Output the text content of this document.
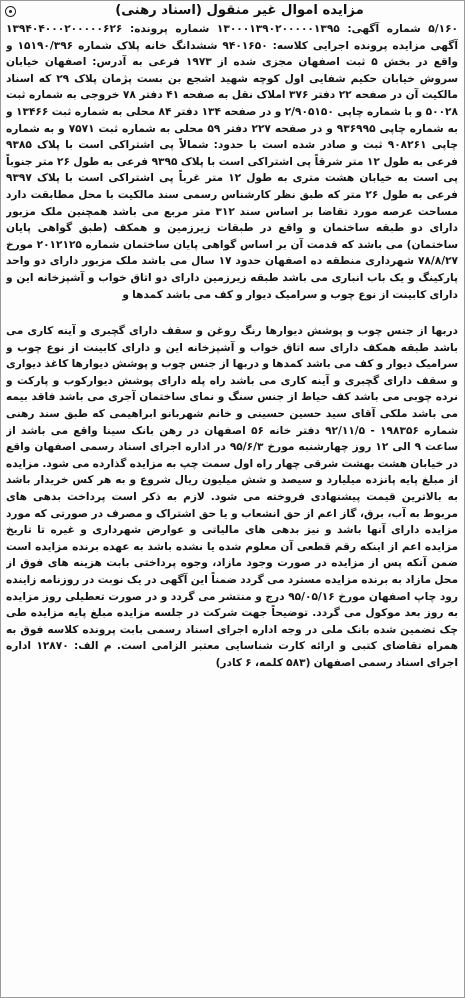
مزایده اموال غیر منقول (اسناد رهنی)

۵/۱۶۰ شماره آگهی: ۱۳۰۰۰۱۳۹۰۲۰۰۰۰۰۱۳۹۵ شماره پرونده: ۱۳۹۴۰۴۰۰۰۲۰۰۰۰۰۶۲۶ آگهی مزایده پرونده اجرایی کلاسه: ۹۴۰۱۶۵۰ ششدانگ خانه پلاک شماره ۱۵۱۹۰/۳۹۶ و واقع در بخش ۵ ثبت اصفهان مجزی شده از ۱۹۷۳ فرعی به آدرس: اصفهان خیابان سروش خیابان حکیم شفایی اول کوچه شهید اشجع بن بست پژمان پلاک ۲۹ که اسناد مالکیت آن در صفحه ۲۲ دفتر ۳۷۶ املاک نقل به صفحه ۴۱ دفتر ۷۸ خروجی به شماره ثبت ۵۰۰۲۸ و با شماره چاپی ۲/۹۰۵۱۵۰ و در صفحه ۱۳۴ دفتر ۸۴ محلی به شماره ثبت ۱۳۴۶۶ و به شماره چاپی ۹۳۶۹۹۵ و در صفحه ۲۲۷ دفتر ۵۹ محلی به شماره ثبت ۷۵۷۱ و به شماره چاپی ۹۰۸۲۶۱ ثبت و صادر شده است با حدود: شمالاً پی اشتراکی است با پلاک ۹۳۸۵ فرعی به طول ۱۲ متر شرقاً پی اشتراکی است با پلاک ۹۳۹۵ فرعی به طول ۲۶ متر جنوباً پی است به خیابان هشت متری به طول ۱۲ متر غرباً پی اشتراکی است با پلاک ۹۳۹۷ فرعی به طول ۲۶ متر که طبق نظر کارشناس رسمی سند مالکیت با محل مطابقت دارد مساحت عرصه مورد تقاضا بر اساس سند ۳۱۲ متر مربع می باشد همچنین ملک مزبور دارای دو طبقه ساختمان و واقع در طبقات زیرزمین و همکف (طبق گواهی پایان ساختمان) می باشد که قدمت آن بر اساس گواهی پایان ساختمان شماره ۲۰۱۲۱۲۵ مورخ ۷۸/۸/۲۷ شهرداری منطقه ده اصفهان حدود ۱۷ سال می باشد ملک مزبور دارای دو واحد پارکینگ و یک باب انباری می باشد طبقه زیرزمین دارای دو اتاق خواب و آشپزخانه این و دارای کابینت از نوع چوب و سرامیک دیوار و کف می باشد کمدها و

دربها از جنس چوب و پوشش دیوارها رنگ روغن و سقف دارای گچبری و آینه کاری می باشد طبقه همکف دارای سه اتاق خواب و آشپزخانه این و دارای کابینت از نوع چوب و سرامیک دیوار و کف می باشد کمدها و دربها از جنس چوب و پوشش دیوارها کاغذ دیواری و سقف دارای گچبری و آینه کاری می باشد راه پله دارای پوشش دیوارکوب و پارکت و نرده چوبی می باشد کف حیاط از جنس سنگ و نمای ساختمان آجری می باشد فاقد بیمه می باشد ملکی آقای سید حسین حسینی و خانم شهربانو ابراهیمی که طبق سند رهنی شماره ۱۹۸۳۵۶ - ۹۲/۱۱/۵ دفتر خانه ۵۶ اصفهان در رهن بانک سینا واقع می باشد از ساعت ۹ الی ۱۲ روز چهارشنبه مورخ ۹۵/۶/۳ در اداره اجرای اسناد رسمی اصفهان واقع در خیابان هشت بهشت شرقی چهار راه اول سمت چپ به مزایده گذارده می شود. مزایده از مبلغ پایه پانزده میلیارد و سیصد و شش میلیون ریال شروع و به هر کس خریدار باشد به بالاترین قیمت پیشنهادی فروخته می شود. لازم به ذکر است پرداخت بدهی های مربوط به آب، برق، گاز اعم از حق انشعاب و یا حق اشتراک و مصرف در صورتی که مورد مزایده دارای آنها باشد و نیز بدهی های مالیاتی و عوارض شهرداری و غیره تا تاریخ مزایده اعم از اینکه رقم قطعی آن معلوم شده یا نشده باشد به عهده برنده مزایده است ضمن آنکه پس از مزایده در صورت وجود مازاد، وجوه پرداختی بابت هزینه های فوق از محل مازاد به برنده مزایده مسترد می گردد ضمناً این آگهی در یک نوبت در روزنامه زاینده رود چاپ اصفهان مورخ ۹۵/۰۵/۱۶ درج و منتشر می گردد و در صورت تعطیلی روز مزایده به روز بعد موکول می گردد. توضیحاً جهت شرکت در جلسه مزایده مبلغ پایه مزایده طی چک تضمین شده بانک ملی در وجه اداره اجرای اسناد رسمی بابت پرونده کلاسه فوق به همراه تقاضای کتبی و ارائه کارت شناسایی معتبر الزامی است. م الف: ۱۲۸۷۰ اداره اجرای اسناد رسمی اصفهان (۵۸۳ کلمه، ۶ کادر)
